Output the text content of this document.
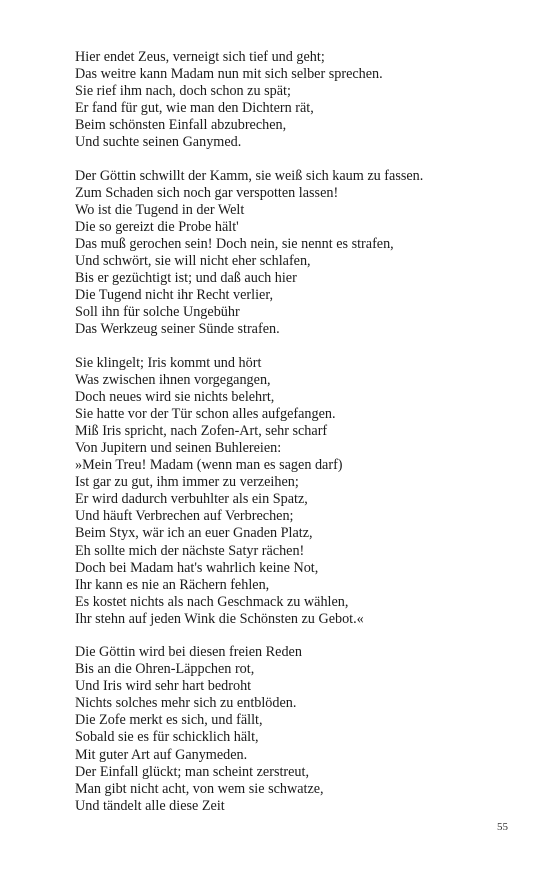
Hier endet Zeus, verneigt sich tief und geht;
Das weitre kann Madam nun mit sich selber sprechen.
Sie rief ihm nach, doch schon zu spät;
Er fand für gut, wie man den Dichtern rät,
Beim schönsten Einfall abzubrechen,
Und suchte seinen Ganymed.
Der Göttin schwillt der Kamm, sie weiß sich kaum zu fassen.
Zum Schaden sich noch gar verspotten lassen!
Wo ist die Tugend in der Welt
Die so gereizt die Probe hält'
Das muß gerochen sein! Doch nein, sie nennt es strafen,
Und schwört, sie will nicht eher schlafen,
Bis er gezüchtigt ist; und daß auch hier
Die Tugend nicht ihr Recht verlier,
Soll ihn für solche Ungebühr
Das Werkzeug seiner Sünde strafen.
Sie klingelt; Iris kommt und hört
Was zwischen ihnen vorgegangen,
Doch neues wird sie nichts belehrt,
Sie hatte vor der Tür schon alles aufgefangen.
Miß Iris spricht, nach Zofen-Art, sehr scharf
Von Jupitern und seinen Buhlereien:
»Mein Treu! Madam (wenn man es sagen darf)
Ist gar zu gut, ihm immer zu verzeihen;
Er wird dadurch verbuhlter als ein Spatz,
Und häuft Verbrechen auf Verbrechen;
Beim Styx, wär ich an euer Gnaden Platz,
Eh sollte mich der nächste Satyr rächen!
Doch bei Madam hat's wahrlich keine Not,
Ihr kann es nie an Rächern fehlen,
Es kostet nichts als nach Geschmack zu wählen,
Ihr stehn auf jeden Wink die Schönsten zu Gebot.«
Die Göttin wird bei diesen freien Reden
Bis an die Ohren-Läppchen rot,
Und Iris wird sehr hart bedroht
Nichts solches mehr sich zu entblöden.
Die Zofe merkt es sich, und fällt,
Sobald sie es für schicklich hält,
Mit guter Art auf Ganymeden.
Der Einfall glückt; man scheint zerstreut,
Man gibt nicht acht, von wem sie schwatze,
Und tändelt alle diese Zeit
55
